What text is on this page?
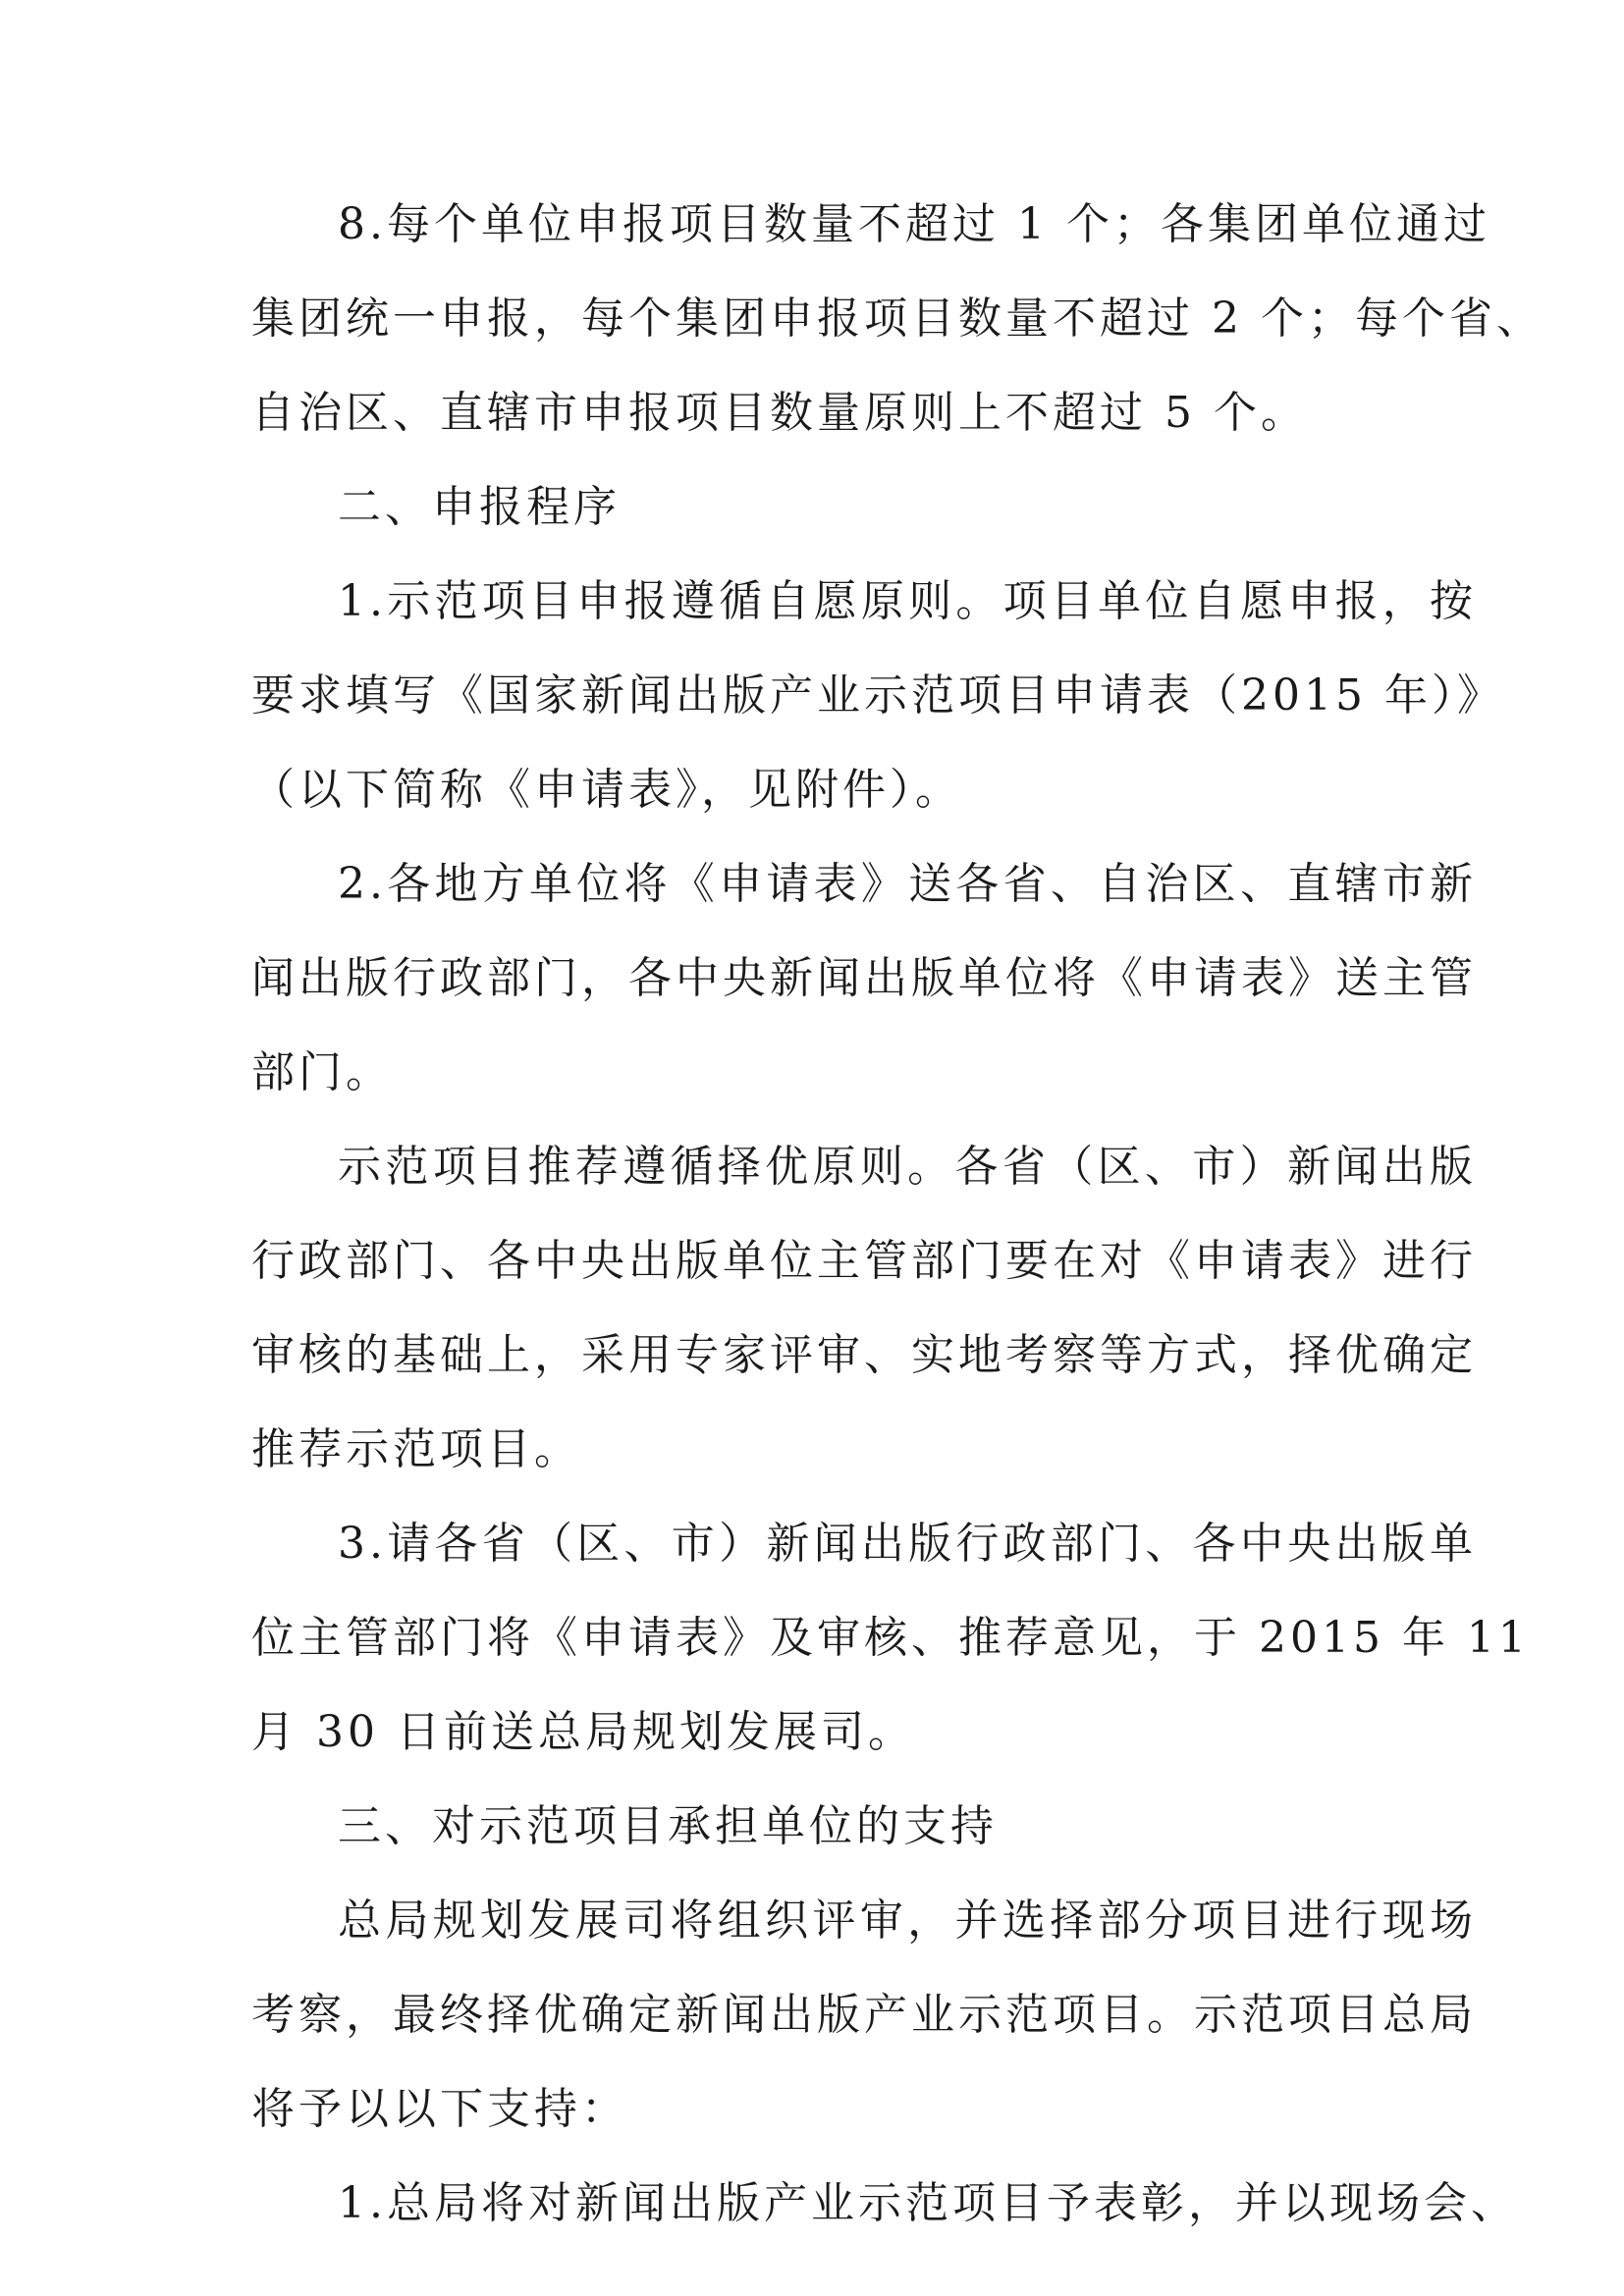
8.每个单位申报项目数量不超过 1 个；各集团单位通过
集团统一申报，每个集团申报项目数量不超过 2 个；每个省、
自治区、直辖市申报项目数量原则上不超过 5 个。
二、申报程序
1.示范项目申报遵循自愿原则。项目单位自愿申报，按
要求填写《国家新闻出版产业示范项目申请表（2015 年）》
（以下简称《申请表》，见附件）。
2.各地方单位将《申请表》送各省、自治区、直辖市新
闻出版行政部门，各中央新闻出版单位将《申请表》送主管
部门。
示范项目推荐遵循择优原则。各省（区、市）新闻出版
行政部门、各中央出版单位主管部门要在对《申请表》进行
审核的基础上，采用专家评审、实地考察等方式，择优确定
推荐示范项目。
3.请各省（区、市）新闻出版行政部门、各中央出版单
位主管部门将《申请表》及审核、推荐意见，于 2015 年 11
月 30 日前送总局规划发展司。
三、对示范项目承担单位的支持
总局规划发展司将组织评审，并选择部分项目进行现场
考察，最终择优确定新闻出版产业示范项目。示范项目总局
将予以以下支持：
1.总局将对新闻出版产业示范项目予表彰，并以现场会、
